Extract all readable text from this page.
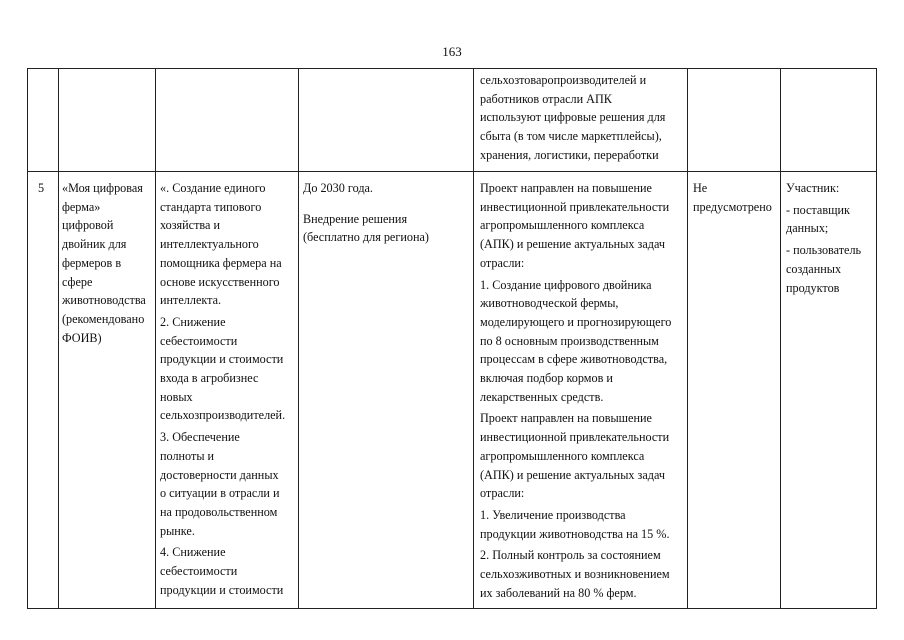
163
сельхозтоваропроизводителей и
работников отрасли АПК
используют цифровые решения для
сбыта (в том числе маркетплейсы),
хранения, логистики, переработки
5	«Моя цифровая
ферма»
цифровой
двойник для
фермеров в
сфере
животноводства
(рекомендовано
ФОИВ)
«. Создание единого
стандарта типового
хозяйства и
интеллектуального
помощника фермера на
основе искусственного
интеллекта.
2. Снижение
себестоимости
продукции и стоимости
входа в агробизнес
новых
сельхозпроизводителей.
3. Обеспечение
полноты и
достоверности данных
о ситуации в отрасли и
на продовольственном
рынке.
4. Снижение
себестоимости
продукции и стоимости
До 2030 года.
Внедрение решения
(бесплатно для региона)
Проект направлен на повышение
инвестиционной привлекательности
агропромышленного комплекса
(АПК) и решение актуальных задач
отрасли:
1. Создание цифрового двойника
животноводческой фермы,
моделирующего и прогнозирующего
по 8 основным производственным
процессам в сфере животноводства,
включая подбор кормов и
лекарственных средств.
Проект направлен на повышение
инвестиционной привлекательности
агропромышленного комплекса
(АПК) и решение актуальных задач
отрасли:
1. Увеличение производства
продукции животноводства на 15 %.
2. Полный контроль за состоянием
сельхозживотных и возникновением
их заболеваний на 80 % ферм.
Не
предусмотрено
Участник:
- поставщик
данных;
- пользователь
созданных
продуктов
